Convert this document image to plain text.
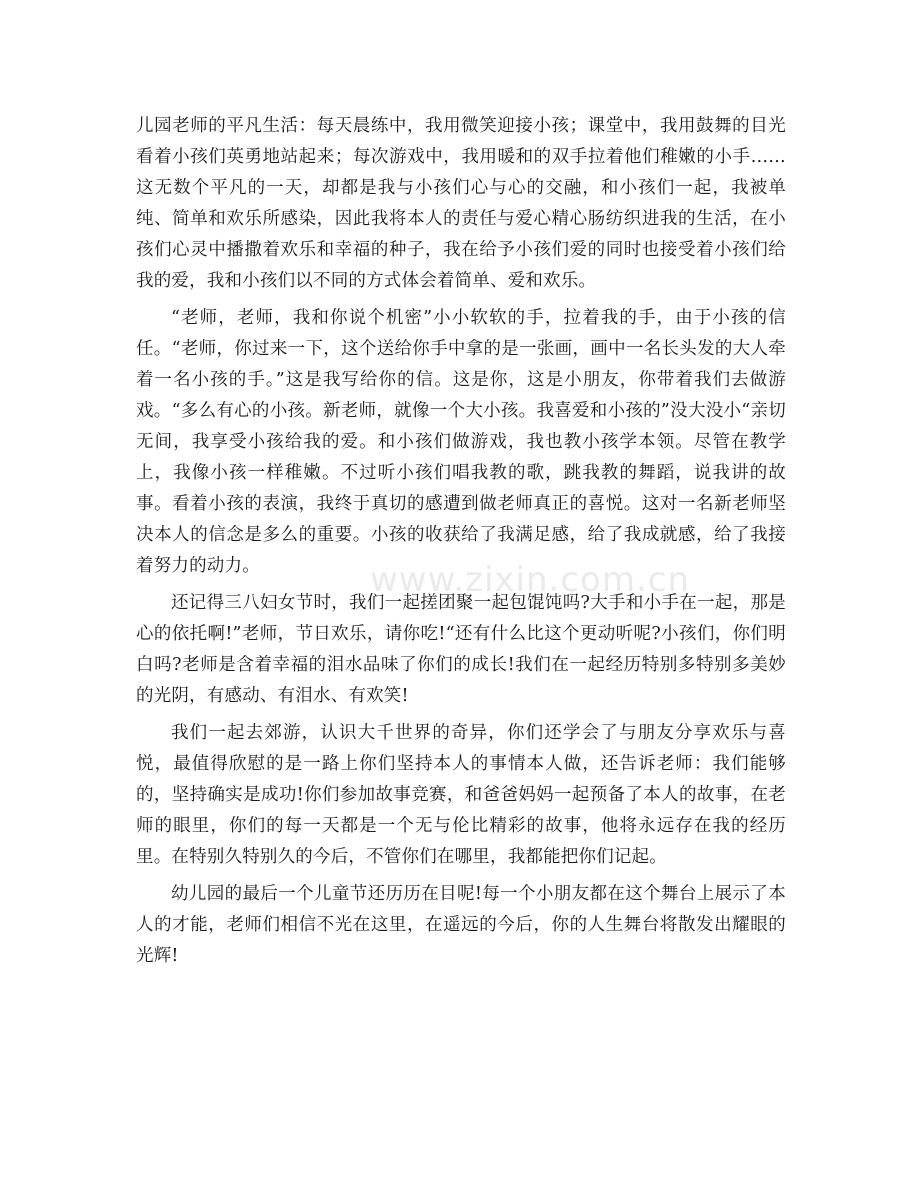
儿园老师的平凡生活：每天晨练中，我用微笑迎接小孩；课堂中，我用鼓舞的目光看着小孩们英勇地站起来；每次游戏中，我用暖和的双手拉着他们稚嫩的小手……这无数个平凡的一天，却都是我与小孩们心与心的交融，和小孩们一起，我被单纯、简单和欢乐所感染，因此我将本人的责任与爱心精心肠纺织进我的生活，在小孩们心灵中播撒着欢乐和幸福的种子，我在给予小孩们爱的同时也接受着小孩们给我的爱，我和小孩们以不同的方式体会着简单、爱和欢乐。

“老师，老师，我和你说个机密”小小软软的手，拉着我的手，由于小孩的信任。“老师，你过来一下，这个送给你手中拿的是一张画，画中一名长头发的大人牵着一名小孩的手。”这是我写给你的信。这是你，这是小朋友，你带着我们去做游戏。“多么有心的小孩。新老师，就像一个大小孩。我喜爱和小孩的”没大没小“亲切无间，我享受小孩给我的爱。和小孩们做游戏，我也教小孩学本领。尽管在教学上，我像小孩一样稚嫩。不过听小孩们唱我教的歌，跳我教的舞蹈，说我讲的故事。看着小孩的表演，我终于真切的感遭到做老师真正的喜悦。这对一名新老师坚决本人的信念是多么的重要。小孩的收获给了我满足感，给了我成就感，给了我接着努力的动力。

还记得三八妇女节时，我们一起搓团聚一起包馄饨吗?大手和小手在一起，那是心的依托啊!”老师，节日欢乐，请你吃!“还有什么比这个更动听呢?小孩们，你们明白吗?老师是含着幸福的泪水品味了你们的成长!我们在一起经历特别多特别多美妙的光阴，有感动、有泪水、有欢笑!

我们一起去郊游，认识大千世界的奇异，你们还学会了与朋友分享欢乐与喜悦，最值得欣慰的是一路上你们坚持本人的事情本人做，还告诉老师：我们能够的，坚持确实是成功!你们参加故事竞赛，和爸爸妈妈一起预备了本人的故事，在老师的眼里，你们的每一天都是一个无与伦比精彩的故事，他将永远存在我的经历里。在特别久特别久的今后，不管你们在哪里，我都能把你们记起。

幼儿园的最后一个儿童节还历历在目呢!每一个小朋友都在这个舞台上展示了本人的才能，老师们相信不光在这里，在遥远的今后，你的人生舞台将散发出耀眼的光辉!

www.zixin.com.cn
